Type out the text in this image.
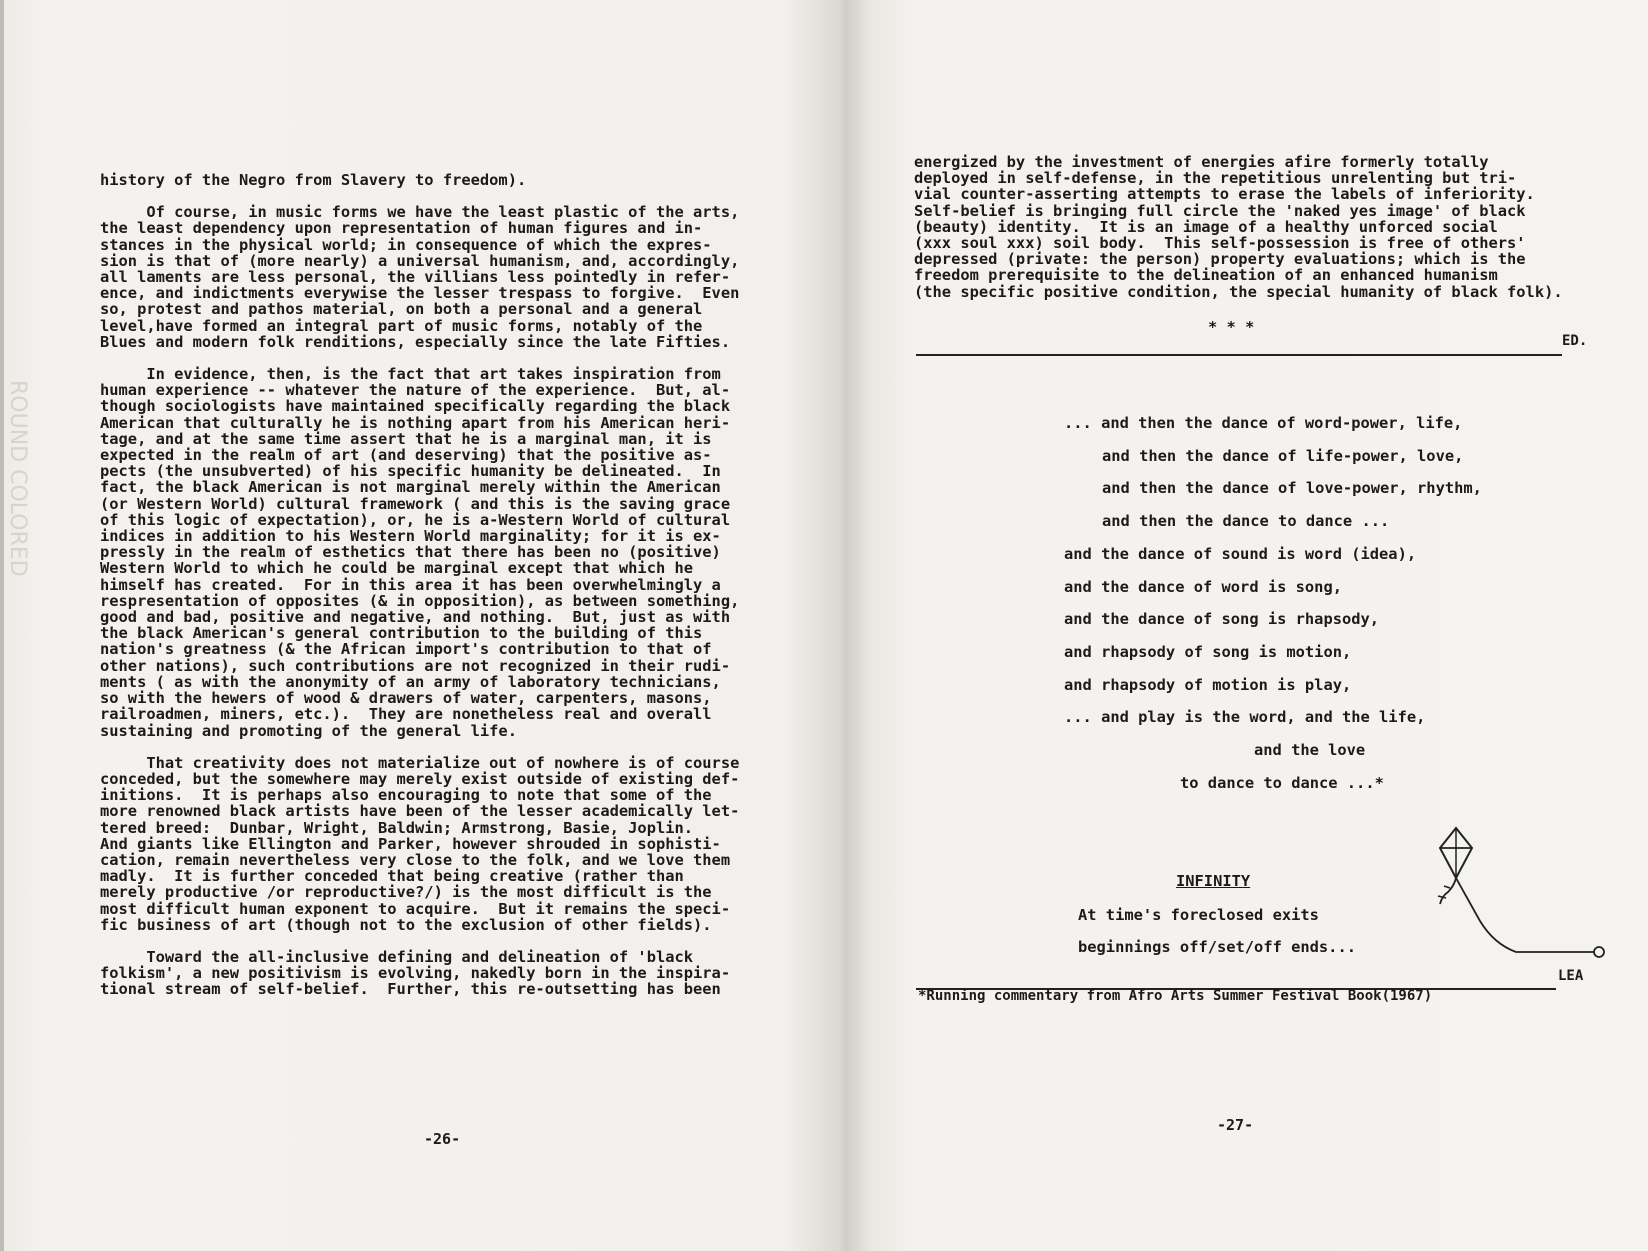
ROUND COLORED

history of the Negro from Slavery to freedom).

Of course, in music forms we have the least plastic of the arts,
the least dependency upon representation of human figures and in-
stances in the physical world; in consequence of which the expres-
sion is that of (more nearly) a universal humanism, and, accordingly,
all laments are less personal, the villians less pointedly in refer-
ence, and indictments everywise the lesser trespass to forgive.  Even
so, protest and pathos material, on both a personal and a general
level,have formed an integral part of music forms, notably of the
Blues and modern folk renditions, especially since the late Fifties.

In evidence, then, is the fact that art takes inspiration from
human experience -- whatever the nature of the experience.  But, al-
though sociologists have maintained specifically regarding the black
American that culturally he is nothing apart from his American heri-
tage, and at the same time assert that he is a marginal man, it is
expected in the realm of art (and deserving) that the positive as-
pects (the unsubverted) of his specific humanity be delineated.  In
fact, the black American is not marginal merely within the American
(or Western World) cultural framework ( and this is the saving grace
of this logic of expectation), or, he is a-Western World of cultural
indices in addition to his Western World marginality; for it is ex-
pressly in the realm of esthetics that there has been no (positive)
Western World to which he could be marginal except that which he
himself has created.  For in this area it has been overwhelmingly a
respresentation of opposites (& in opposition), as between something,
good and bad, positive and negative, and nothing.  But, just as with
the black American's general contribution to the building of this
nation's greatness (& the African import's contribution to that of
other nations), such contributions are not recognized in their rudi-
ments ( as with the anonymity of an army of laboratory technicians,
so with the hewers of wood & drawers of water, carpenters, masons,
railroadmen, miners, etc.).  They are nonetheless real and overall
sustaining and promoting of the general life.

That creativity does not materialize out of nowhere is of course
conceded, but the somewhere may merely exist outside of existing def-
initions.  It is perhaps also encouraging to note that some of the
more renowned black artists have been of the lesser academically let-
tered breed:  Dunbar, Wright, Baldwin; Armstrong, Basie, Joplin.
And giants like Ellington and Parker, however shrouded in sophisti-
cation, remain nevertheless very close to the folk, and we love them
madly.  It is further conceded that being creative (rather than
merely productive /or reproductive?/) is the most difficult is the
most difficult human exponent to acquire.  But it remains the speci-
fic business of art (though not to the exclusion of other fields).

Toward the all-inclusive defining and delineation of 'black
folkism', a new positivism is evolving, nakedly born in the inspira-
tional stream of self-belief.  Further, this re-outsetting has been

-26-

energized by the investment of energies afire formerly totally
deployed in self-defense, in the repetitious unrelenting but tri-
vial counter-asserting attempts to erase the labels of inferiority.
Self-belief is bringing full circle the 'naked yes image' of black
(beauty) identity.  It is an image of a healthy unforced social
(xxx soul xxx) soil body.  This self-possession is free of others'
depressed (private: the person) property evaluations; which is the
freedom prerequisite to the delineation of an enhanced humanism
(the specific positive condition, the special humanity of black folk).

* * *
ED.
... and then the dance of word-power, life,
and then the dance of life-power, love,
and then the dance of love-power, rhythm,
and then the dance to dance ...
and the dance of sound is word (idea),
and the dance of word is song,
and the dance of song is rhapsody,
and rhapsody of song is motion,
and rhapsody of motion is play,
... and play is the word, and the life,
and the love
to dance to dance ...*
INFINITY
At time's foreclosed exits
beginnings off/set/off ends...
LEA
*Running commentary from Afro Arts Summer Festival Book(1967)
-27-
